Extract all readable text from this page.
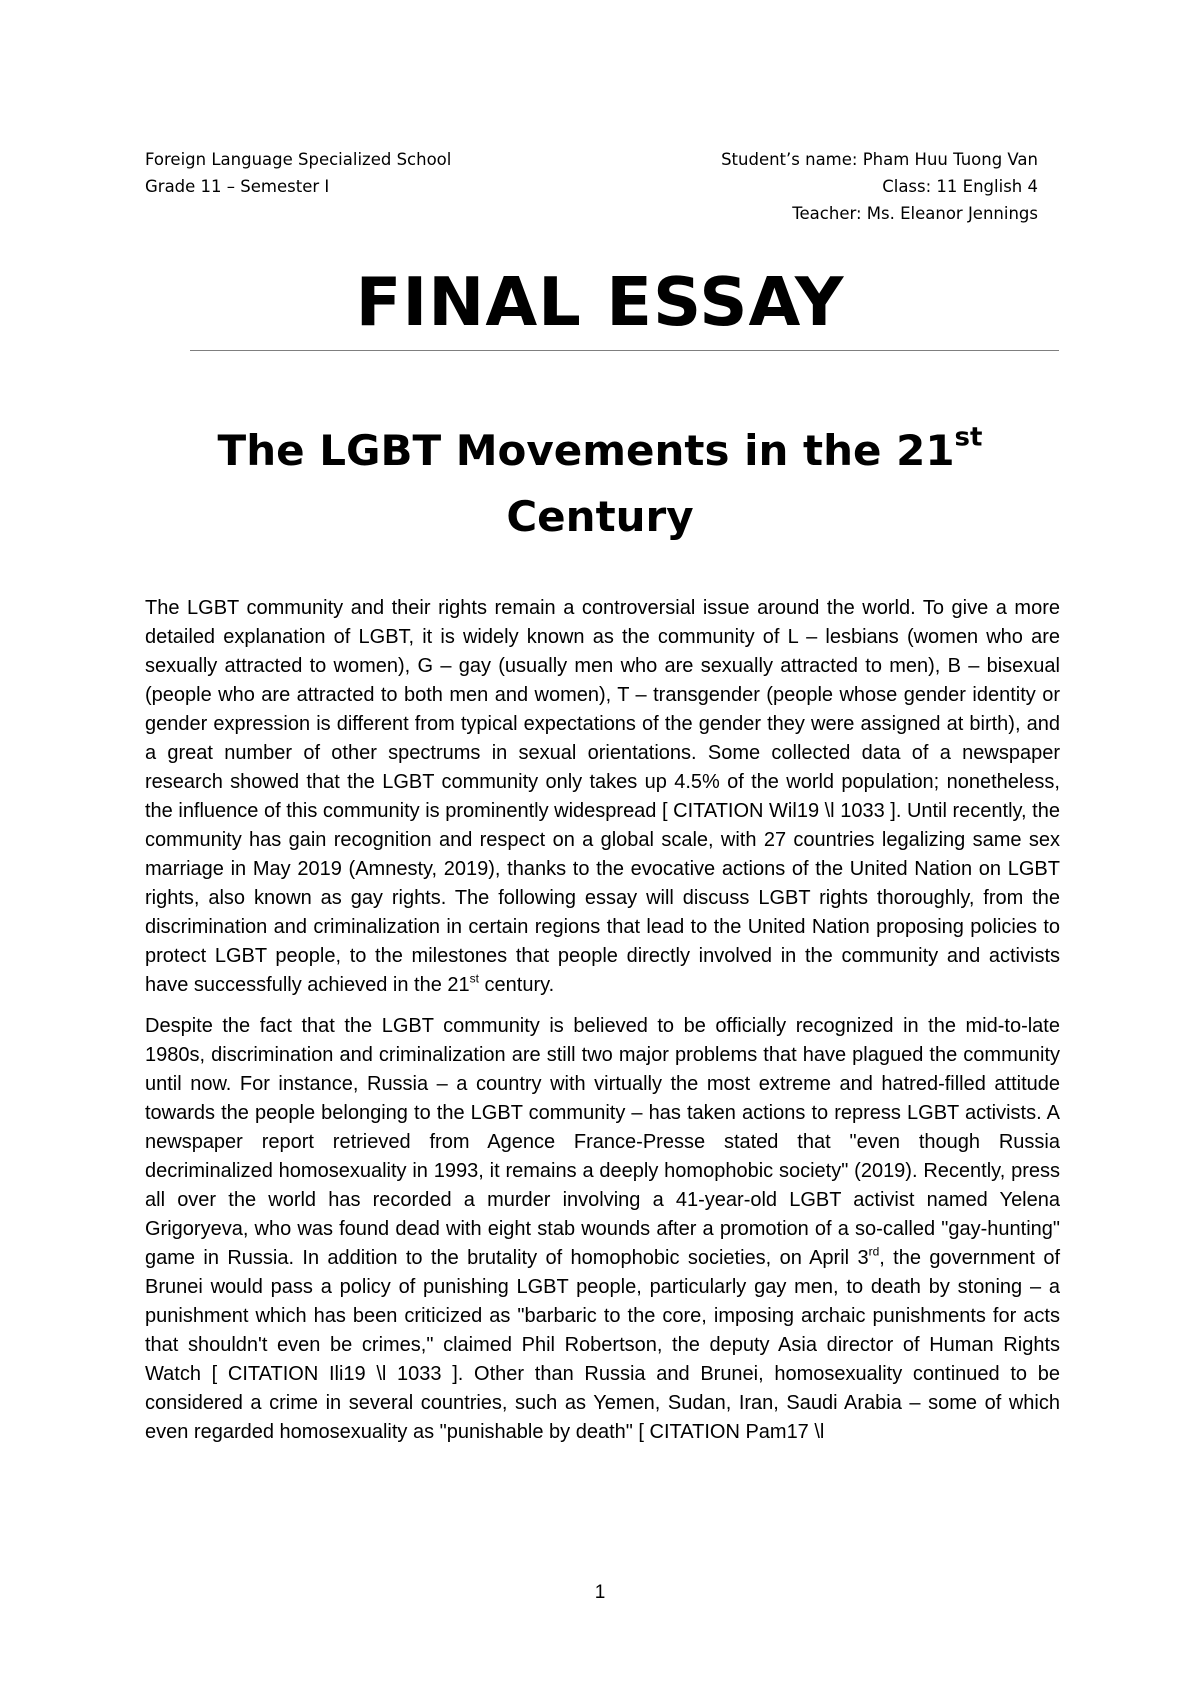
Foreign Language Specialized School
Grade 11 – Semester I
Student’s name: Pham Huu Tuong Van
Class: 11 English 4
Teacher: Ms. Eleanor Jennings
FINAL ESSAY
The LGBT Movements in the 21st
Century

The LGBT community and their rights remain a controversial issue around the world. To give a more detailed explanation of LGBT, it is widely known as the community of L – lesbians (women who are sexually attracted to women), G – gay (usually men who are sexually attracted to men), B – bisexual (people who are attracted to both men and women), T – transgender (people whose gender identity or gender expression is different from typical expectations of the gender they were assigned at birth), and a great number of other spectrums in sexual orientations. Some collected data of a newspaper research showed that the LGBT community only takes up 4.5% of the world population; nonetheless, the influence of this community is prominently widespread [ CITATION Wil19 \l 1033 ]. Until recently, the community has gain recognition and respect on a global scale, with 27 countries legalizing same sex marriage in May 2019 (Amnesty, 2019), thanks to the evocative actions of the United Nation on LGBT rights, also known as gay rights. The following essay will discuss LGBT rights thoroughly, from the discrimination and criminalization in certain regions that lead to the United Nation proposing policies to protect LGBT people, to the milestones that people directly involved in the community and activists have successfully achieved in the 21st century.

Despite the fact that the LGBT community is believed to be officially recognized in the mid-to-late 1980s, discrimination and criminalization are still two major problems that have plagued the community until now. For instance, Russia – a country with virtually the most extreme and hatred-filled attitude towards the people belonging to the LGBT community – has taken actions to repress LGBT activists. A newspaper report retrieved from Agence France-Presse stated that "even though Russia decriminalized homosexuality in 1993, it remains a deeply homophobic society" (2019). Recently, press all over the world has recorded a murder involving a 41-year-old LGBT activist named Yelena Grigoryeva, who was found dead with eight stab wounds after a promotion of a so-called "gay-hunting" game in Russia. In addition to the brutality of homophobic societies, on April 3rd, the government of Brunei would pass a policy of punishing LGBT people, particularly gay men, to death by stoning – a punishment which has been criticized as "barbaric to the core, imposing archaic punishments for acts that shouldn't even be crimes," claimed Phil Robertson, the deputy Asia director of Human Rights Watch [ CITATION Ili19 \l 1033 ]. Other than Russia and Brunei, homosexuality continued to be considered a crime in several countries, such as Yemen, Sudan, Iran, Saudi Arabia – some of which even regarded homosexuality as "punishable by death" [ CITATION Pam17 \l

1
